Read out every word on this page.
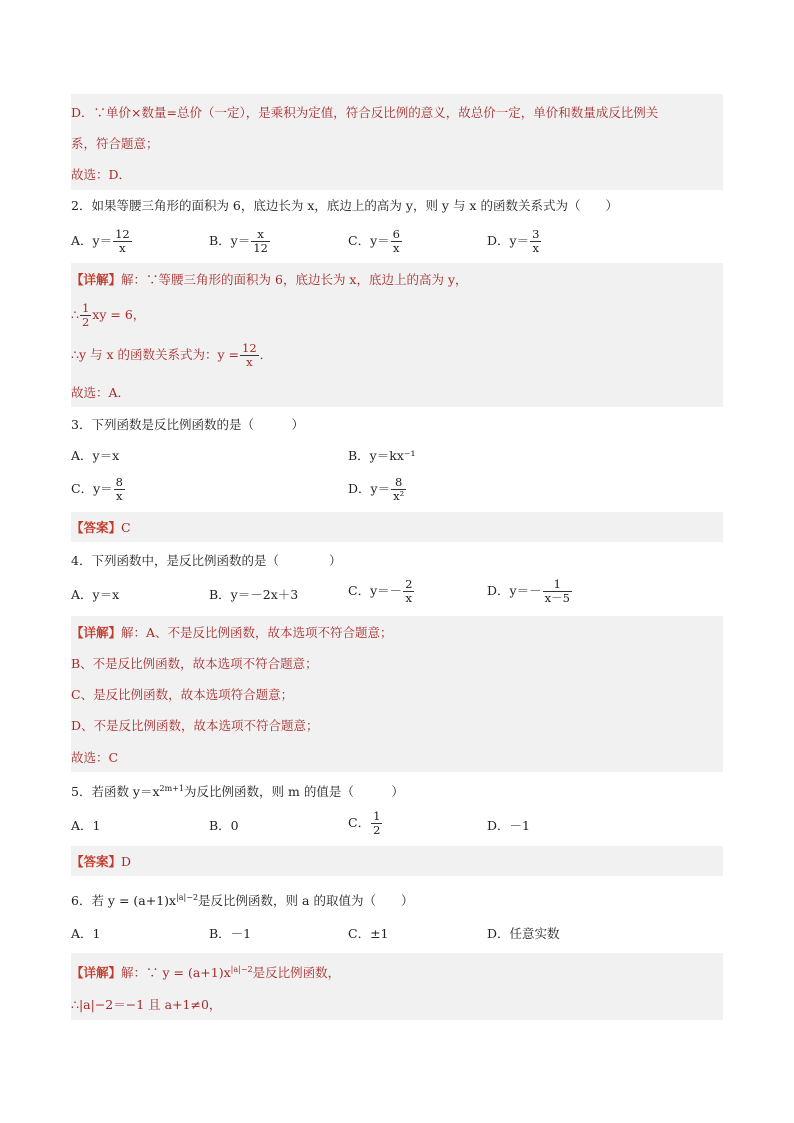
D．∵单价×数量=总价（一定），是乘积为定值，符合反比例的意义，故总价一定，单价和数量成反比例关
系，符合题意；
故选：D．
2．如果等腰三角形的面积为 6，底边长为 x，底边上的高为 y，则 y 与 x 的函数关系式为（　　）
A．$y= \frac{12}{x}$	B．$y= \frac{x}{12}$	C．$y= \frac{6}{x}$	D．$y= \frac{3}{x}$
【详解】解：∵等腰三角形的面积为 6，底边长为 x，底边上的高为 y，
∴ $\frac{1}{2}$ xy = 6，
∴y 与 x 的函数关系式为：$y = \frac{12}{x}$ ．
故选：A．
3．下列函数是反比例函数的是（　　　）
A．y＝x	B．y＝kx⁻¹
C．$y= \frac{8}{x}$	D．$y= \frac{8}{\text{x²}}$
【答案】C
4．下列函数中，是反比例函数的是（　　　　）
A．y＝x	B．y＝－2x＋3	C．$y=- \frac{2}{x}$	D．$y=- \frac{1}{x-5}$
【详解】解：A、不是反比例函数，故本选项不符合题意；
B、不是反比例函数，故本选项不符合题意；
C、是反比例函数，故本选项符合题意；
D、不是反比例函数，故本选项不符合题意；
故选：C
5．若函数 $y=x^{2m+1}$为反比例函数，则 m 的值是（　　　）
A．1	B．0	C． $\frac{1}{2}$	D．－1
【答案】D
6．若 $y = (a+1)x^{|a|-2}$是反比例函数，则 a 的取值为（　　）
A．1	B．－1	C．±1	D．任意实数
【详解】解：∵ $y = (a+1)x^{|a|-2}$是反比例函数，
∴|a|−2＝−1 且 a+1≠0，
